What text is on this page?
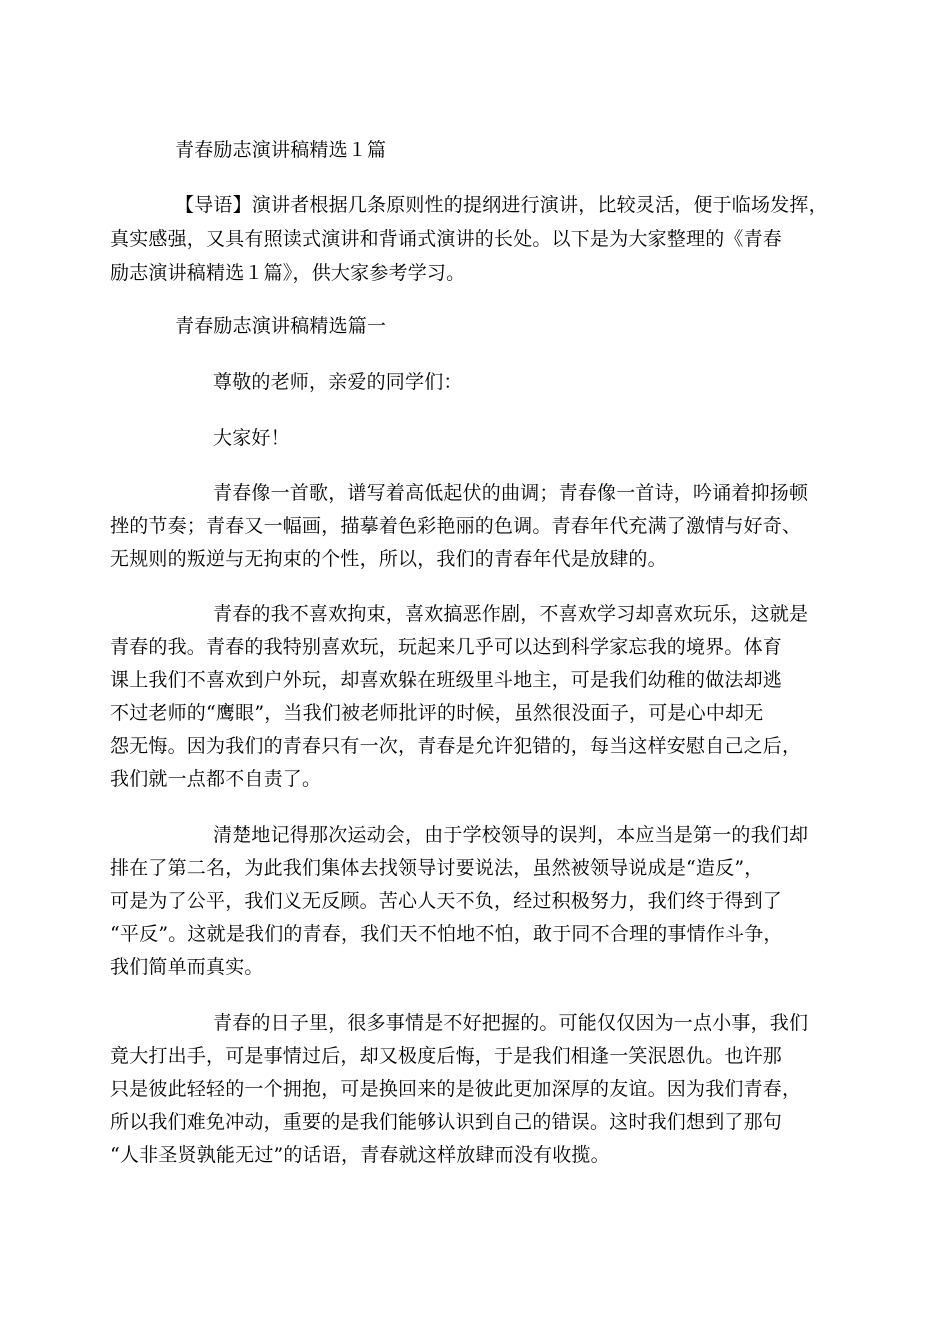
青春励志演讲稿精选１篇
【导语】演讲者根据几条原则性的提纲进行演讲，比较灵活，便于临场发挥，
真实感强，又具有照读式演讲和背诵式演讲的长处。以下是为大家整理的《青春
励志演讲稿精选１篇》，供大家参考学习。
青春励志演讲稿精选篇一
尊敬的老师，亲爱的同学们：
大家好！
青春像一首歌，谱写着高低起伏的曲调；青春像一首诗，吟诵着抑扬顿
挫的节奏；青春又一幅画，描摹着色彩艳丽的色调。青春年代充满了激情与好奇、
无规则的叛逆与无拘束的个性，所以，我们的青春年代是放肆的。
青春的我不喜欢拘束，喜欢搞恶作剧，不喜欢学习却喜欢玩乐，这就是
青春的我。青春的我特别喜欢玩，玩起来几乎可以达到科学家忘我的境界。体育
课上我们不喜欢到户外玩，却喜欢躲在班级里斗地主，可是我们幼稚的做法却逃
不过老师的“鹰眼”，当我们被老师批评的时候，虽然很没面子，可是心中却无
怨无悔。因为我们的青春只有一次，青春是允许犯错的，每当这样安慰自己之后，
我们就一点都不自责了。
清楚地记得那次运动会，由于学校领导的误判，本应当是第一的我们却
排在了第二名，为此我们集体去找领导讨要说法，虽然被领导说成是“造反”，
可是为了公平，我们义无反顾。苦心人天不负，经过积极努力，我们终于得到了
“平反”。这就是我们的青春，我们天不怕地不怕，敢于同不合理的事情作斗争，
我们简单而真实。
青春的日子里，很多事情是不好把握的。可能仅仅因为一点小事，我们
竟大打出手，可是事情过后，却又极度后悔，于是我们相逢一笑泯恩仇。也许那
只是彼此轻轻的一个拥抱，可是换回来的是彼此更加深厚的友谊。因为我们青春，
所以我们难免冲动，重要的是我们能够认识到自己的错误。这时我们想到了那句
“人非圣贤孰能无过”的话语，青春就这样放肆而没有收揽。
